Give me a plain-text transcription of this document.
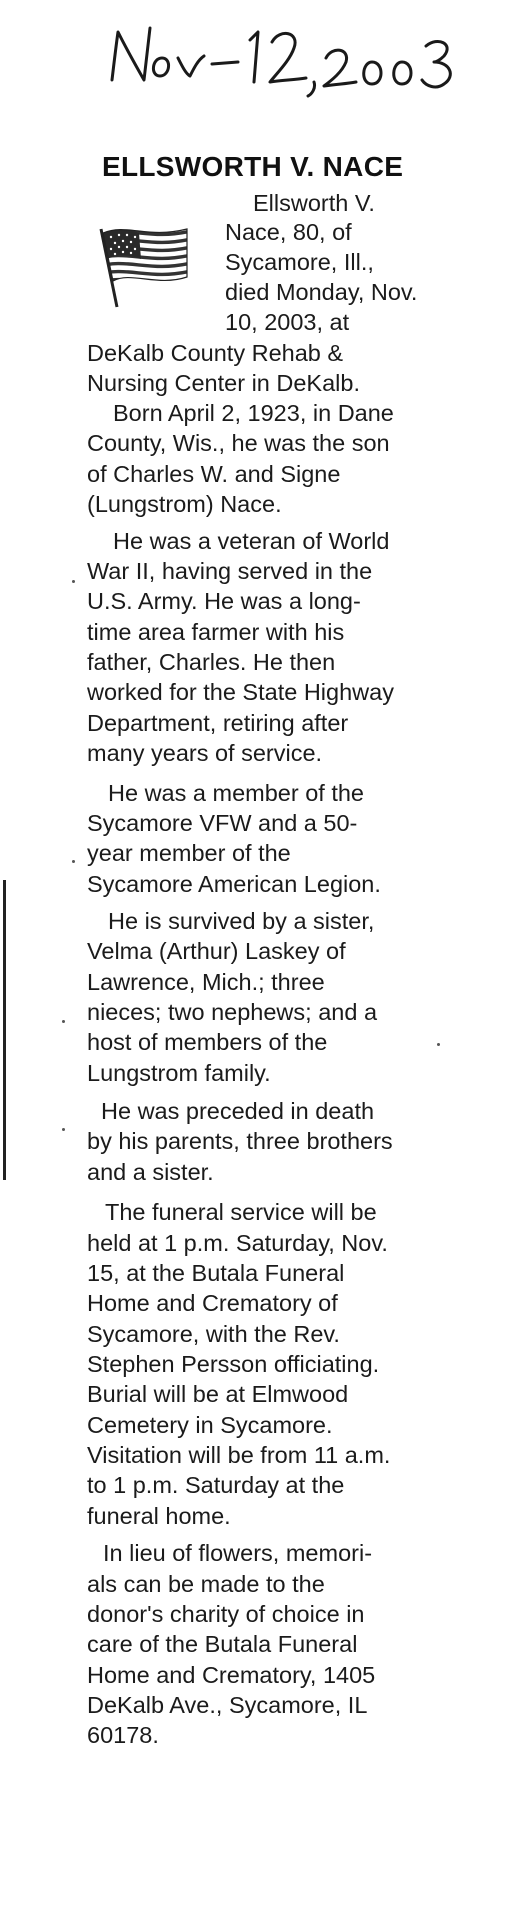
ELLSWORTH V. NACE
Ellsworth V.
Nace, 80, of
Sycamore, Ill.,
died Monday, Nov.
10, 2003, at
DeKalb County Rehab &
Nursing Center in DeKalb.
Born April 2, 1923, in Dane
County, Wis., he was the son
of Charles W. and Signe
(Lungstrom) Nace.
He was a veteran of World
War II, having served in the
U.S. Army. He was a long-
time area farmer with his
father, Charles. He then
worked for the State Highway
Department, retiring after
many years of service.
He was a member of the
Sycamore VFW and a 50-
year member of the
Sycamore American Legion.
He is survived by a sister,
Velma (Arthur) Laskey of
Lawrence, Mich.; three
nieces; two nephews; and a
host of members of the
Lungstrom family.
He was preceded in death
by his parents, three brothers
and a sister.
The funeral service will be
held at 1 p.m. Saturday, Nov.
15, at the Butala Funeral
Home and Crematory of
Sycamore, with the Rev.
Stephen Persson officiating.
Burial will be at Elmwood
Cemetery in Sycamore.
Visitation will be from 11 a.m.
to 1 p.m. Saturday at the
funeral home.
In lieu of flowers, memori-
als can be made to the
donor's charity of choice in
care of the Butala Funeral
Home and Crematory, 1405
DeKalb Ave., Sycamore, IL
60178.
